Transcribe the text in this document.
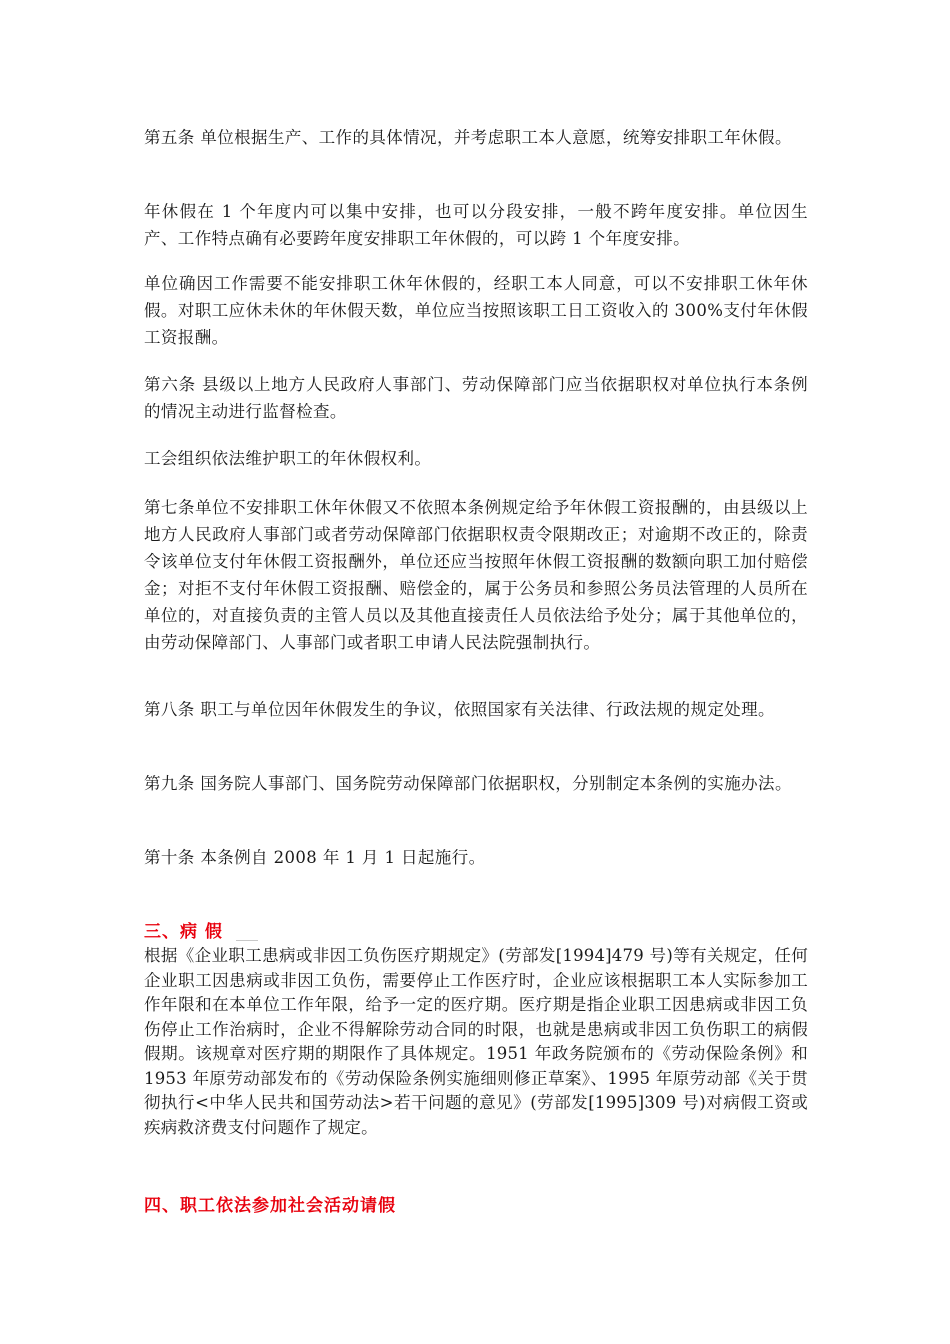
第五条 单位根据生产、工作的具体情况，并考虑职工本人意愿，统筹安排职工年休假。

年休假在 1 个年度内可以集中安排，也可以分段安排，一般不跨年度安排。单位因生产、工作特点确有必要跨年度安排职工年休假的，可以跨 1 个年度安排。

单位确因工作需要不能安排职工休年休假的，经职工本人同意，可以不安排职工休年休假。对职工应休未休的年休假天数，单位应当按照该职工日工资收入的 300%支付年休假工资报酬。

第六条 县级以上地方人民政府人事部门、劳动保障部门应当依据职权对单位执行本条例的情况主动进行监督检查。

工会组织依法维护职工的年休假权利。

第七条单位不安排职工休年休假又不依照本条例规定给予年休假工资报酬的，由县级以上地方人民政府人事部门或者劳动保障部门依据职权责令限期改正；对逾期不改正的，除责令该单位支付年休假工资报酬外，单位还应当按照年休假工资报酬的数额向职工加付赔偿金；对拒不支付年休假工资报酬、赔偿金的，属于公务员和参照公务员法管理的人员所在单位的，对直接负责的主管人员以及其他直接责任人员依法给予处分；属于其他单位的，由劳动保障部门、人事部门或者职工申请人民法院强制执行。

第八条 职工与单位因年休假发生的争议，依照国家有关法律、行政法规的规定处理。

第九条 国务院人事部门、国务院劳动保障部门依据职权，分别制定本条例的实施办法。

第十条 本条例自 2008 年 1 月 1 日起施行。

三、病 假

根据《企业职工患病或非因工负伤医疗期规定》(劳部发[1994]479 号)等有关规定，任何企业职工因患病或非因工负伤，需要停止工作医疗时，企业应该根据职工本人实际参加工作年限和在本单位工作年限，给予一定的医疗期。医疗期是指企业职工因患病或非因工负伤停止工作治病时，企业不得解除劳动合同的时限，也就是患病或非因工负伤职工的病假假期。该规章对医疗期的期限作了具体规定。1951 年政务院颁布的《劳动保险条例》和 1953 年原劳动部发布的《劳动保险条例实施细则修正草案》、1995 年原劳动部《关于贯彻执行<中华人民共和国劳动法>若干问题的意见》(劳部发[1995]309 号)对病假工资或疾病救济费支付问题作了规定。

四、职工依法参加社会活动请假
